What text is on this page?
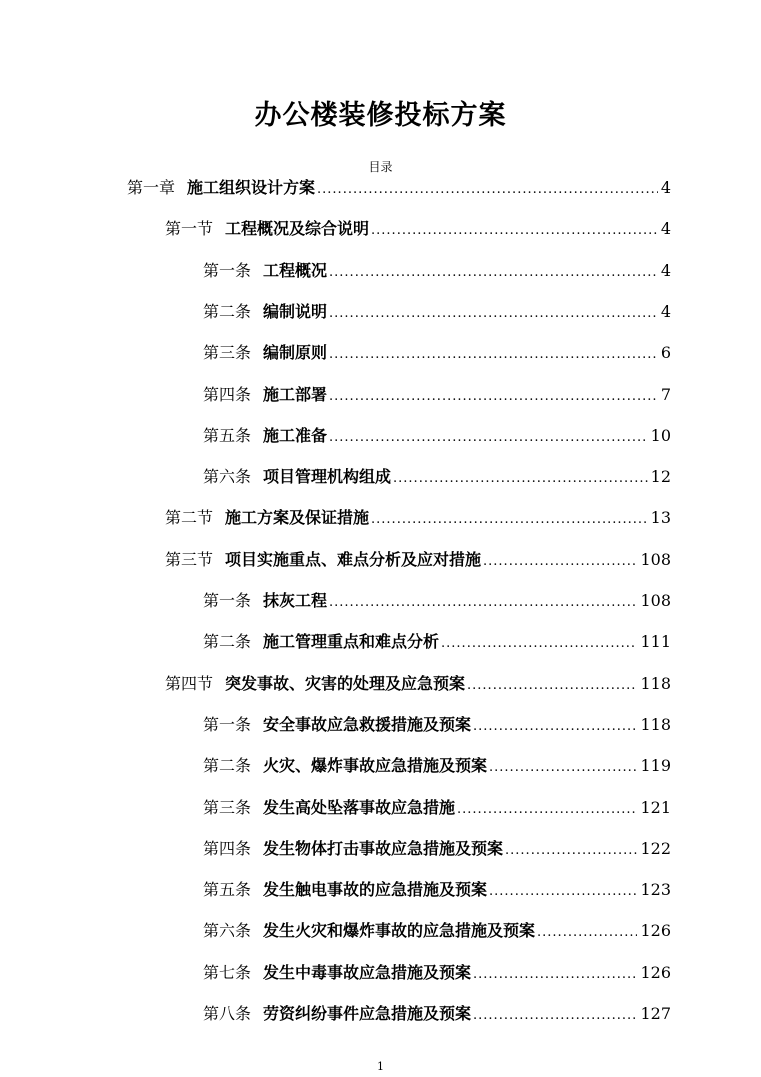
办公楼装修投标方案
目录
第一章 施工组织设计方案 .....	4
第一节 工程概况及综合说明 .....	4
第一条 工程概况 .....	4
第二条 编制说明 .....	4
第三条 编制原则 .....	6
第四条 施工部署 .....	7
第五条 施工准备 .....	10
第六条 项目管理机构组成 .....	12
第二节 施工方案及保证措施 .....	13
第三节 项目实施重点、难点分析及应对措施 .....	108
第一条 抹灰工程 .....	108
第二条 施工管理重点和难点分析 .....	111
第四节 突发事故、灾害的处理及应急预案 .....	118
第一条 安全事故应急救援措施及预案 .....	118
第二条 火灾、爆炸事故应急措施及预案 .....	119
第三条 发生高处坠落事故应急措施 .....	121
第四条 发生物体打击事故应急措施及预案 .....	122
第五条 发生触电事故的应急措施及预案 .....	123
第六条 发生火灾和爆炸事故的应急措施及预案 .....	126
第七条 发生中毒事故应急措施及预案 .....	126
第八条 劳资纠纷事件应急措施及预案 .....	127
1
